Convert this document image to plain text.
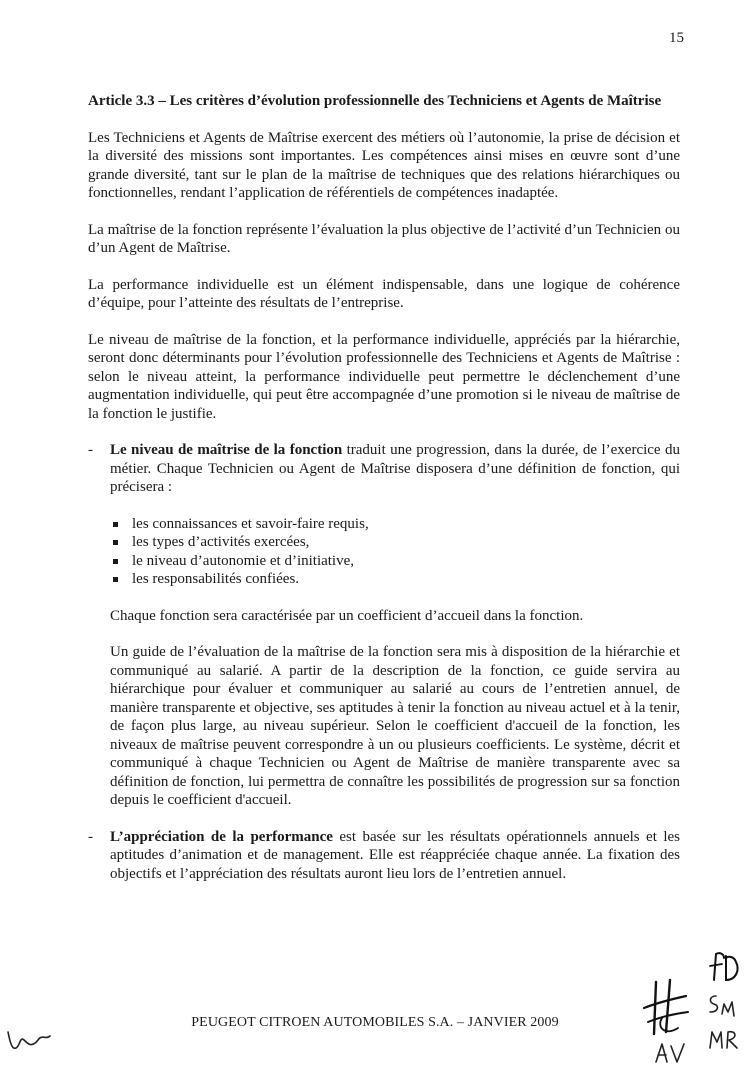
15

Article 3.3 – Les critères d’évolution professionnelle des Techniciens et Agents de Maîtrise

Les Techniciens et Agents de Maîtrise exercent des métiers où l’autonomie, la prise de décision et la diversité des missions sont importantes. Les compétences ainsi mises en œuvre sont d’une grande diversité, tant sur le plan de la maîtrise de techniques que des relations hiérarchiques ou fonctionnelles, rendant l’application de référentiels de compétences inadaptée.

La maîtrise de la fonction représente l’évaluation la plus objective de l’activité d’un Technicien ou d’un Agent de Maîtrise.

La performance individuelle est un élément indispensable, dans une logique de cohérence d’équipe, pour l’atteinte des résultats de l’entreprise.

Le niveau de maîtrise de la fonction, et la performance individuelle, appréciés par la hiérarchie, seront donc déterminants pour l’évolution professionnelle des Techniciens et Agents de Maîtrise : selon le niveau atteint, la performance individuelle peut permettre le déclenchement d’une augmentation individuelle, qui peut être accompagnée d’une promotion si le niveau de maîtrise de la fonction le justifie.

- Le niveau de maîtrise de la fonction traduit une progression, dans la durée, de l’exercice du métier. Chaque Technicien ou Agent de Maîtrise disposera d’une définition de fonction, qui précisera :

les connaissances et savoir-faire requis,
les types d’activités exercées,
le niveau d’autonomie et d’initiative,
les responsabilités confiées.

Chaque fonction sera caractérisée par un coefficient d’accueil dans la fonction.

Un guide de l’évaluation de la maîtrise de la fonction sera mis à disposition de la hiérarchie et communiqué au salarié. A partir de la description de la fonction, ce guide servira au hiérarchique pour évaluer et communiquer au salarié au cours de l’entretien annuel, de manière transparente et objective, ses aptitudes à tenir la fonction au niveau actuel et à la tenir, de façon plus large, au niveau supérieur. Selon le coefficient d'accueil de la fonction, les niveaux de maîtrise peuvent correspondre à un ou plusieurs coefficients. Le système, décrit et communiqué à chaque Technicien ou Agent de Maîtrise de manière transparente avec sa définition de fonction, lui permettra de connaître les possibilités de progression sur sa fonction depuis le coefficient d'accueil.

- L’appréciation de la performance est basée sur les résultats opérationnels annuels et les aptitudes d’animation et de management. Elle est réappréciée chaque année. La fixation des objectifs et l’appréciation des résultats auront lieu lors de l’entretien annuel.

PEUGEOT CITROEN AUTOMOBILES S.A. – JANVIER 2009
